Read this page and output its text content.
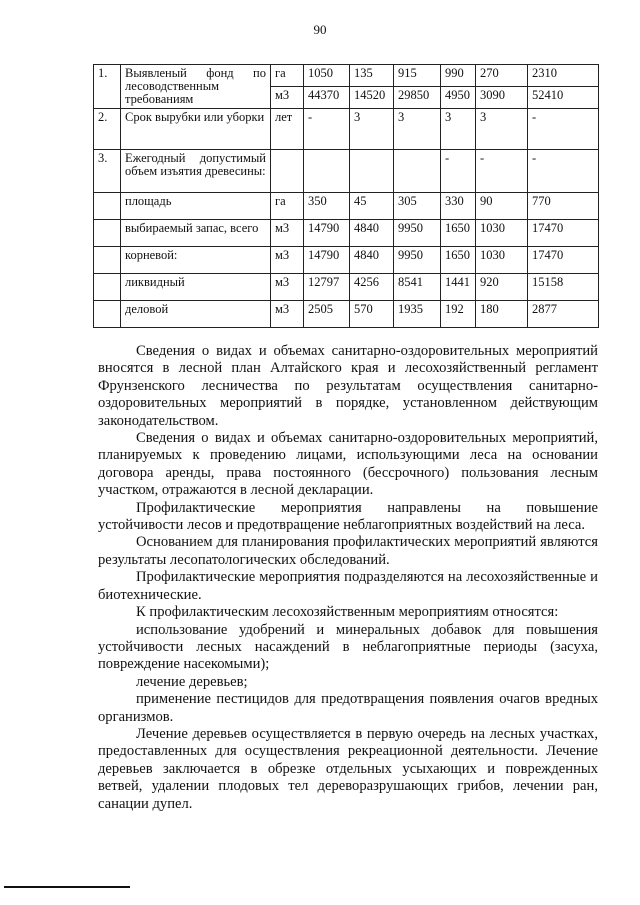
90
1.	Выявленый фонд по лесоводственным требованиям	га	1050	135	915	990	270	2310
		м3	44370	14520	29850	4950	3090	52410
2.	Срок вырубки или уборки	лет	-	3	3	3	3	-
3.	Ежегодный допустимый объем изъятия древесины:					-	-	-
	площадь	га	350	45	305	330	90	770
	выбираемый запас, всего	м3	14790	4840	9950	1650	1030	17470
	корневой:	м3	14790	4840	9950	1650	1030	17470
	ликвидный	м3	12797	4256	8541	1441	920	15158
	деловой	м3	2505	570	1935	192	180	2877

Сведения о видах и объемах санитарно-оздоровительных мероприятий вносятся в лесной план Алтайского края и лесохозяйственный регламент Фрунзенского лесничества по результатам осуществления санитарно-оздоровительных мероприятий в порядке, установленном действующим законодательством.

Сведения о видах и объемах санитарно-оздоровительных мероприятий, планируемых к проведению лицами, использующими леса на основании договора аренды, права постоянного (бессрочного) пользования лесным участком, отражаются в лесной декларации.

Профилактические мероприятия направлены на повышение устойчивости лесов и предотвращение неблагоприятных воздействий на леса.

Основанием для планирования профилактических мероприятий являются результаты лесопатологических обследований.

Профилактические мероприятия подразделяются на лесохозяйственные и биотехнические.

К профилактическим лесохозяйственным мероприятиям относятся:

использование удобрений и минеральных добавок для повышения устойчивости лесных насаждений в неблагоприятные периоды (засуха, повреждение насекомыми);

лечение деревьев;

применение пестицидов для предотвращения появления очагов вредных организмов.

Лечение деревьев осуществляется в первую очередь на лесных участках, предоставленных для осуществления рекреационной деятельности. Лечение деревьев заключается в обрезке отдельных усыхающих и поврежденных ветвей, удалении плодовых тел дереворазрушающих грибов, лечении ран, санации дупел.
